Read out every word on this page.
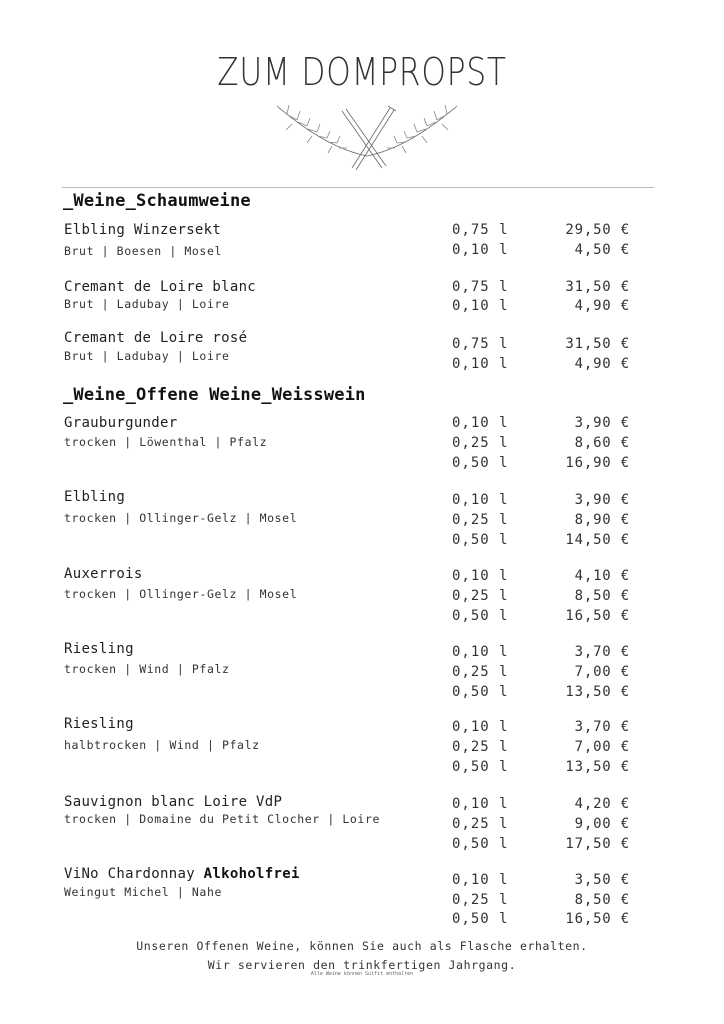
ZUM DOMPROPST
_Weine_Schaumweine
Elbling Winzersekt
Brut | Boesen | Mosel
0,75 l	29,50 €
0,10 l	4,50 €
Cremant de Loire blanc
Brut | Ladubay | Loire
0,75 l	31,50 €
0,10 l	4,90 €
Cremant de Loire rosé
Brut | Ladubay | Loire
0,75 l	31,50 €
0,10 l	4,90 €
_Weine_Offene Weine_Weisswein
Grauburgunder
trocken | Löwenthal | Pfalz
0,10 l	3,90 €
0,25 l	8,60 €
0,50 l	16,90 €
Elbling
trocken | Ollinger-Gelz | Mosel
0,10 l	3,90 €
0,25 l	8,90 €
0,50 l	14,50 €
Auxerrois
trocken | Ollinger-Gelz | Mosel
0,10 l	4,10 €
0,25 l	8,50 €
0,50 l	16,50 €
Riesling
trocken | Wind | Pfalz
0,10 l	3,70 €
0,25 l	7,00 €
0,50 l	13,50 €
Riesling
halbtrocken | Wind | Pfalz
0,10 l	3,70 €
0,25 l	7,00 €
0,50 l	13,50 €
Sauvignon blanc Loire VdP
trocken | Domaine du Petit Clocher | Loire
0,10 l	4,20 €
0,25 l	9,00 €
0,50 l	17,50 €
ViNo Chardonnay Alkoholfrei
Weingut Michel | Nahe
0,10 l	3,50 €
0,25 l	8,50 €
0,50 l	16,50 €
Unseren Offenen Weine, können Sie auch als Flasche erhalten.
Wir servieren den trinkfertigen Jahrgang.
Alle Weine können Sulfit enthalten
